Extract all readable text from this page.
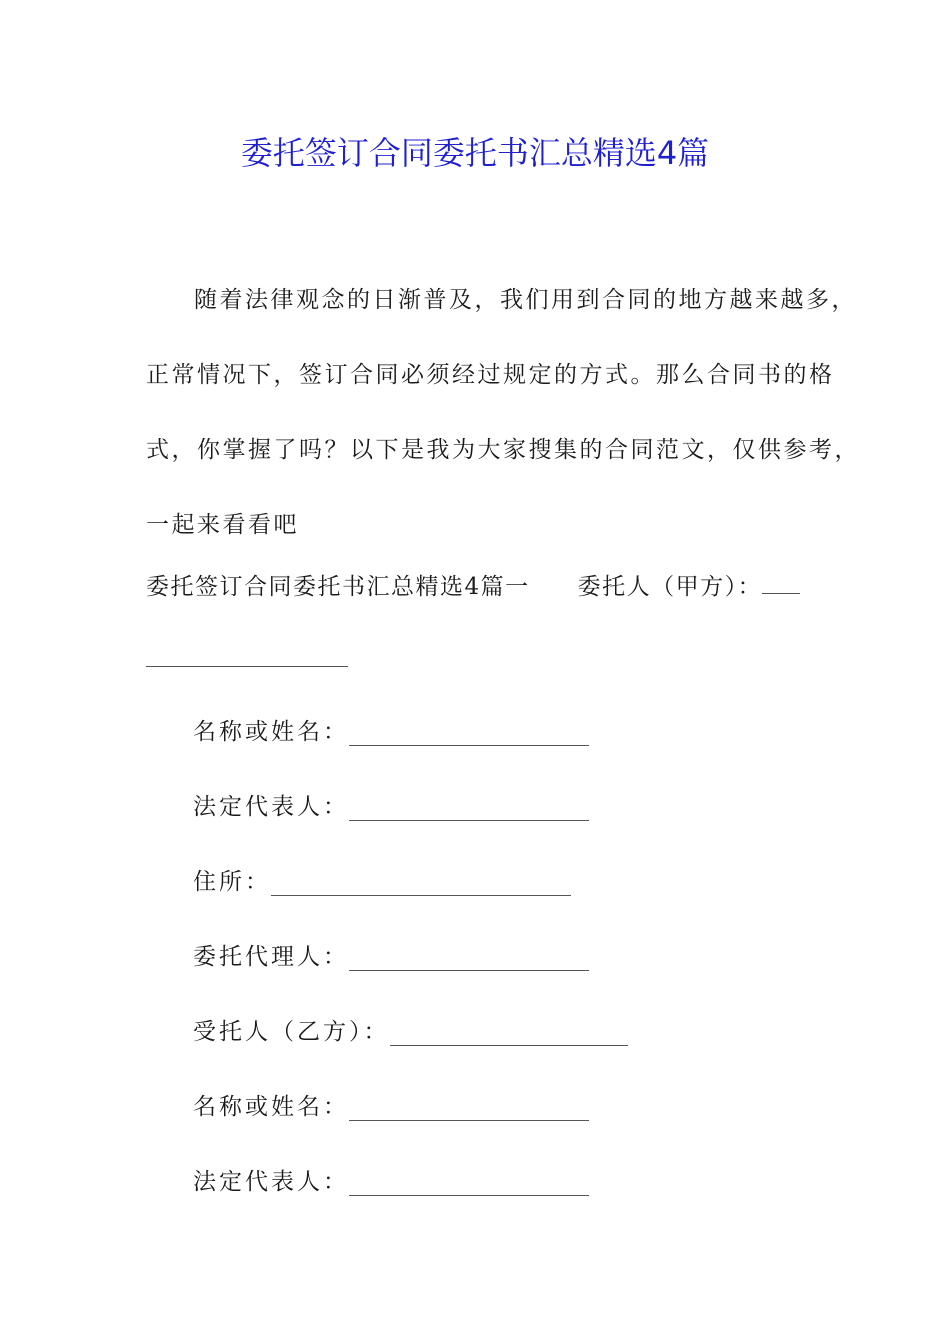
委托签订合同委托书汇总精选4篇

随着法律观念的日渐普及，我们用到合同的地方越来越多，

正常情况下，签订合同必须经过规定的方式。那么合同书的格

式，你掌握了吗？以下是我为大家搜集的合同范文，仅供参考，

一起来看看吧

委托签订合同委托书汇总精选4篇一 委托人（甲方）：
名称或姓名：
法定代表人：
住所：
委托代理人：
受托人（乙方）：
名称或姓名：
法定代表人：
